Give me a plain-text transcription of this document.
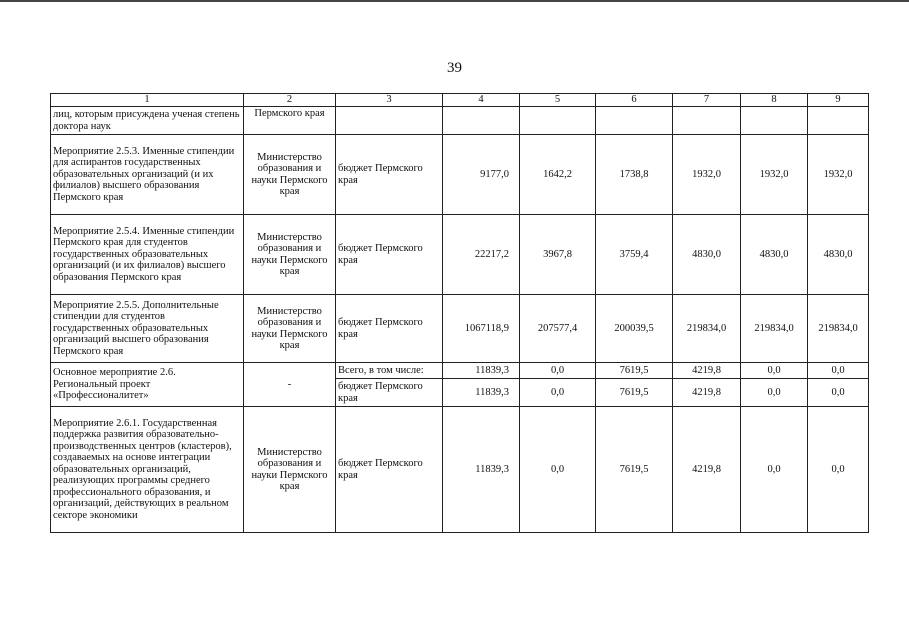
39
1	2	3	4	5	6	7	8	9
лиц, которым присуждена ученая степень доктора наук	Пермского края							
Мероприятие 2.5.3. Именные стипендии для аспирантов государственных образовательных организаций (и их филиалов) высшего образования Пермского края	Министерство образования и науки Пермского края	бюджет Пермского края	9177,0	1642,2	1738,8	1932,0	1932,0	1932,0
Мероприятие 2.5.4. Именные стипендии Пермского края для студентов государственных образовательных организаций (и их филиалов) высшего образования Пермского края	Министерство образования и науки Пермского края	бюджет Пермского края	22217,2	3967,8	3759,4	4830,0	4830,0	4830,0
Мероприятие 2.5.5. Дополнительные стипендии для студентов государственных образовательных организаций высшего образования Пермского края	Министерство образования и науки Пермского края	бюджет Пермского края	1067118,9	207577,4	200039,5	219834,0	219834,0	219834,0
Основное мероприятие 2.6. Региональный проект «Профессионалитет»	-	Всего, в том числе:	11839,3	0,0	7619,5	4219,8	0,0	0,0
		бюджет Пермского края	11839,3	0,0	7619,5	4219,8	0,0	0,0
Мероприятие 2.6.1. Государственная поддержка развития образовательно-производственных центров (кластеров), создаваемых на основе интеграции образовательных организаций, реализующих программы среднего профессионального образования, и организаций, действующих в реальном секторе экономики	Министерство образования и науки Пермского края	бюджет Пермского края	11839,3	0,0	7619,5	4219,8	0,0	0,0
